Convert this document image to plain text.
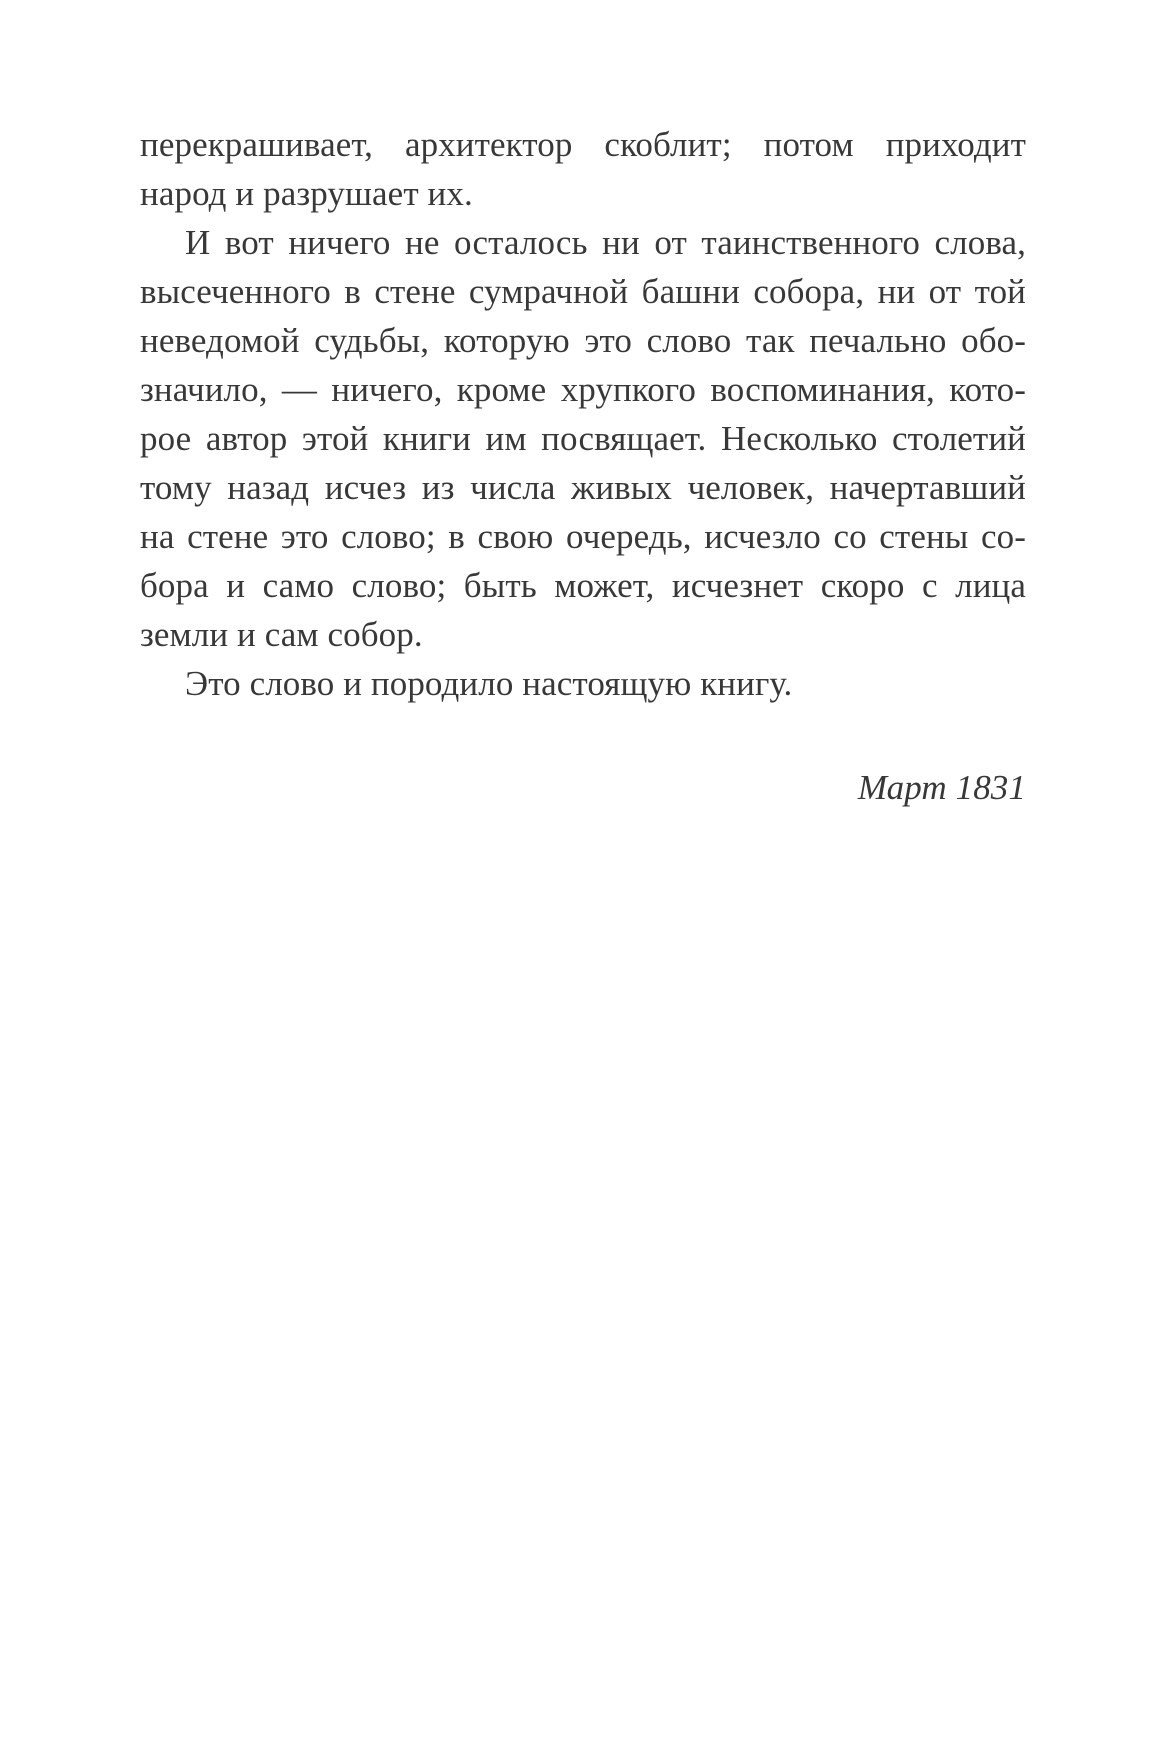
перекрашивает, архитектор скоблит; потом приходит
народ и разрушает их.
И вот ничего не осталось ни от таинственного слова,
высеченного в стене сумрачной башни собора, ни от той
неведомой судьбы, которую это слово так печально обо-
значило, — ничего, кроме хрупкого воспоминания, кото-
рое автор этой книги им посвящает. Несколько столетий
тому назад исчез из числа живых человек, начертавший
на стене это слово; в свою очередь, исчезло со стены со-
бора и само слово; быть может, исчезнет скоро с лица
земли и сам собор.
Это слово и породило настоящую книгу.
Март 1831
